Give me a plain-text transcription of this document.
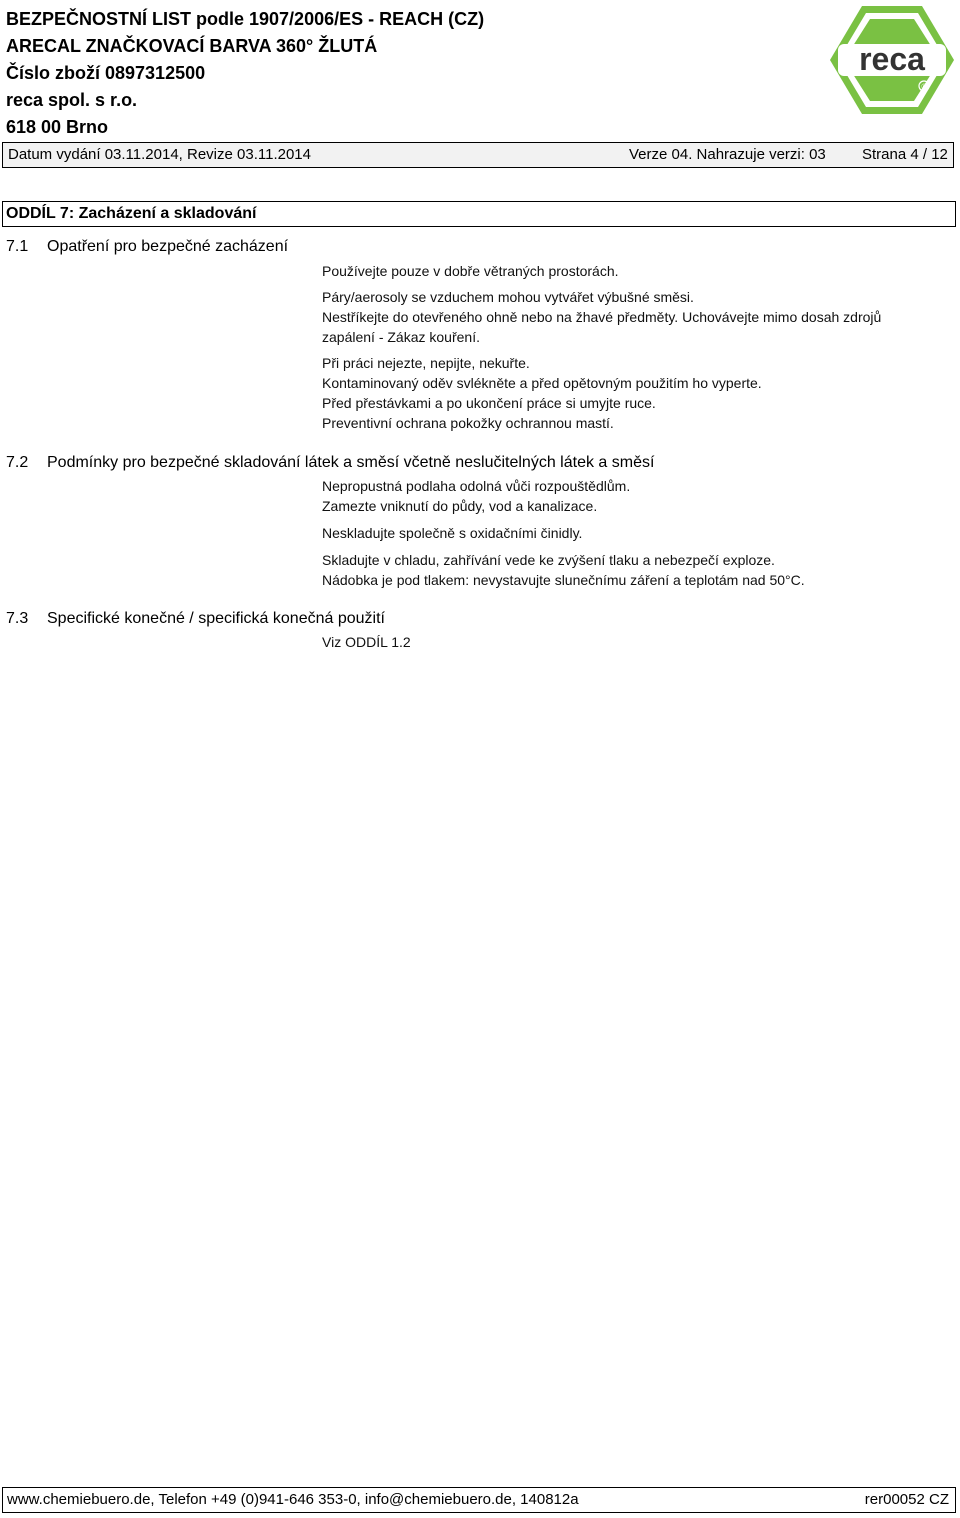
BEZPEČNOSTNÍ LIST podle 1907/2006/ES - REACH (CZ)
ARECAL ZNAČKOVACÍ BARVA 360° ŽLUTÁ
Číslo zboží 0897312500
reca spol. s r.o.
618 00 Brno
reca
®
Datum vydání 03.11.2014, Revize 03.11.2014	Verze 04. Nahrazuje verzi: 03 Strana 4 / 12
ODDÍL 7: Zacházení a skladování
7.1 Opatření pro bezpečné zacházení
Používejte pouze v dobře větraných prostorách.
Páry/aerosoly se vzduchem mohou vytvářet výbušné směsi.
Nestříkejte do otevřeného ohně nebo na žhavé předměty. Uchovávejte mimo dosah zdrojů
zapálení - Zákaz kouření.
Při práci nejezte, nepijte, nekuřte.
Kontaminovaný oděv svlékněte a před opětovným použitím ho vyperte.
Před přestávkami a po ukončení práce si umyjte ruce.
Preventivní ochrana pokožky ochrannou mastí.
7.2 Podmínky pro bezpečné skladování látek a směsí včetně neslučitelných látek a směsí
Nepropustná podlaha odolná vůči rozpouštědlům.
Zamezte vniknutí do půdy, vod a kanalizace.
Neskladujte společně s oxidačními činidly.
Skladujte v chladu, zahřívání vede ke zvýšení tlaku a nebezpečí exploze.
Nádobka je pod tlakem: nevystavujte slunečnímu záření a teplotám nad 50°C.
7.3 Specifické konečné / specifická konečná použití
Viz ODDÍL 1.2
www.chemiebuero.de, Telefon +49 (0)941-646 353-0, info@chemiebuero.de, 140812a	rer00052 CZ
